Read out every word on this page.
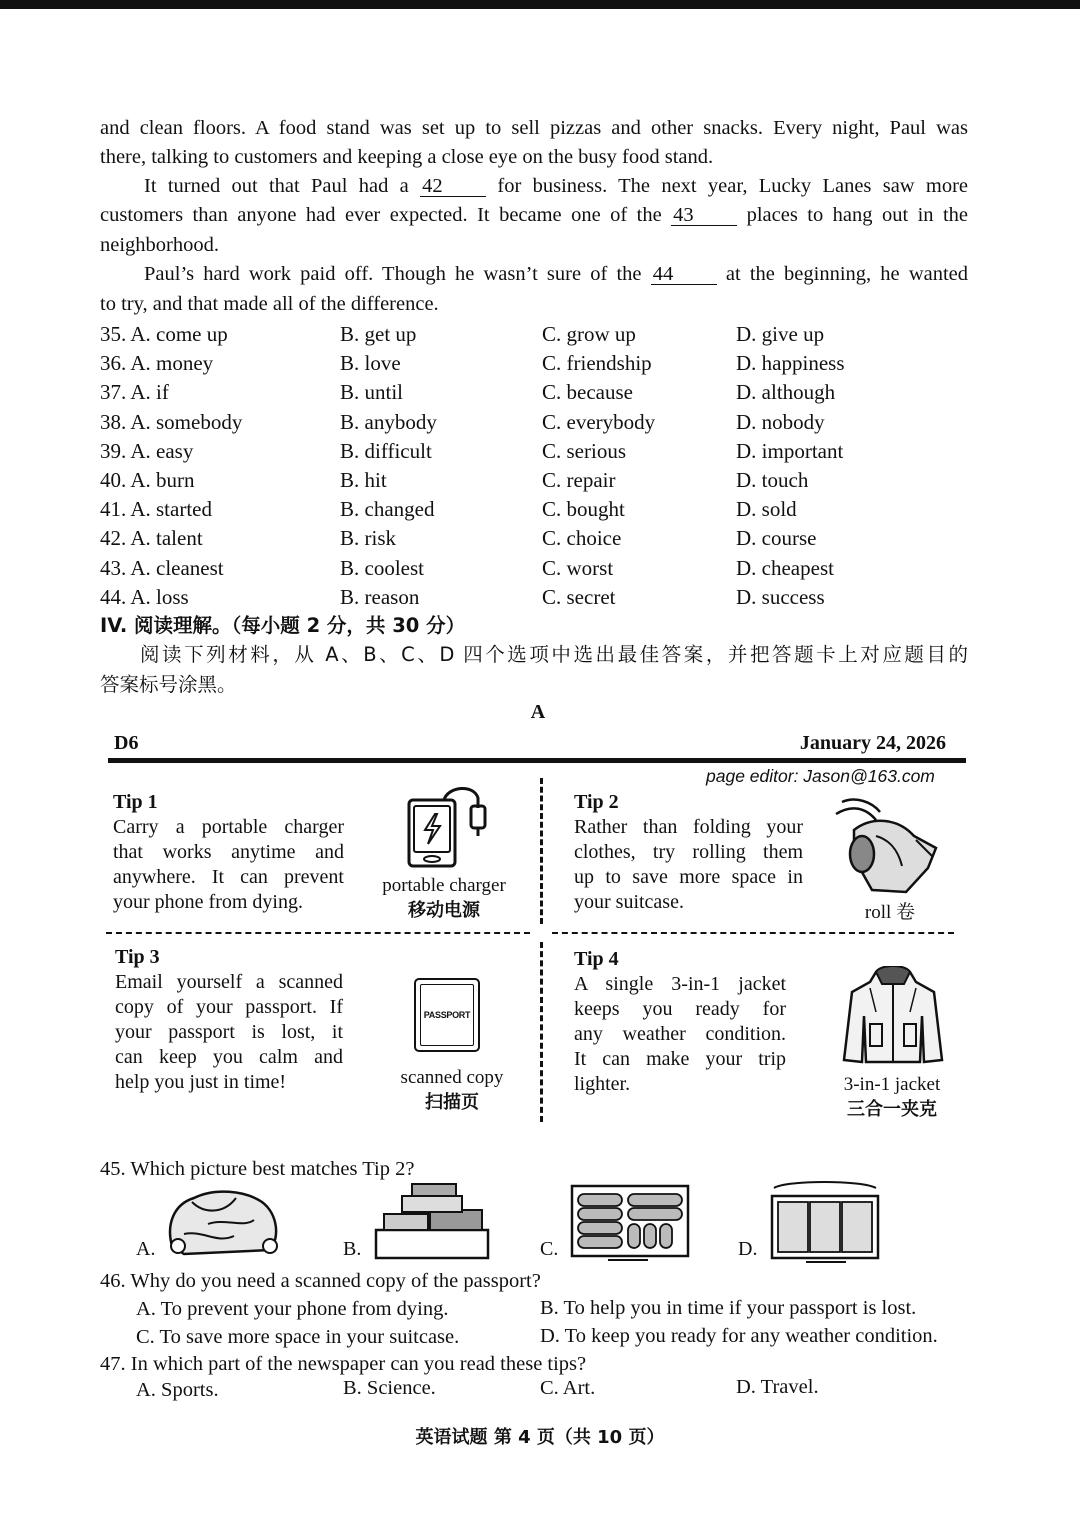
and clean floors. A food stand was set up to sell pizzas and other snacks. Every night, Paul was
there, talking to customers and keeping a close eye on the busy food stand.
It turned out that Paul had a 42	for business. The next year, Lucky Lanes saw more
customers than anyone had ever expected. It became one of the 43	places to hang out in the
neighborhood.
Paul’s hard work paid off. Though he wasn’t sure of the 44	at the beginning, he wanted
to try, and that made all of the difference.
35. A. come up	B. get up	C. grow up	D. give up
36. A. money	B. love	C. friendship	D. happiness
37. A. if	B. until	C. because	D. although
38. A. somebody	B. anybody	C. everybody	D. nobody
39. A. easy	B. difficult	C. serious	D. important
40. A. burn	B. hit	C. repair	D. touch
41. A. started	B. changed	C. bought	D. sold
42. A. talent	B. risk	C. choice	D. course
43. A. cleanest	B. coolest	C. worst	D. cheapest
44. A. loss	B. reason	C. secret	D. success
IV. 阅读理解。（每小题 2 分，共 30 分）
阅读下列材料，从 A、B、C、D 四个选项中选出最佳答案，并把答题卡上对应题目的
答案标号涂黑。
A
D6	January 24, 2026
page editor: Jason@163.com
Tip 1
Carry a portable charger
that works anytime and
anywhere. It can prevent
your phone from dying.
portable charger
移动电源
Tip 2
Rather than folding your
clothes, try rolling them
up to save more space in
your suitcase.	roll 卷
Tip 3
Email yourself a scanned
copy of your passport. If
your passport is lost, it
can keep you calm and
help you just in time!
PASSPORT
scanned copy
扫描页
Tip 4
A single 3-in-1 jacket
keeps you ready for
any weather condition.
It can make your trip
lighter.	3-in-1 jacket
三合一夹克
45. Which picture best matches Tip 2?
A.	B.	C.	D.
46. Why do you need a scanned copy of the passport?
A. To prevent your phone from dying.	B. To help you in time if your passport is lost.
C. To save more space in your suitcase.	D. To keep you ready for any weather condition.
47. In which part of the newspaper can you read these tips?
A. Sports.	B. Science.	C. Art.	D. Travel.
英语试题 第 4 页（共 10 页）
